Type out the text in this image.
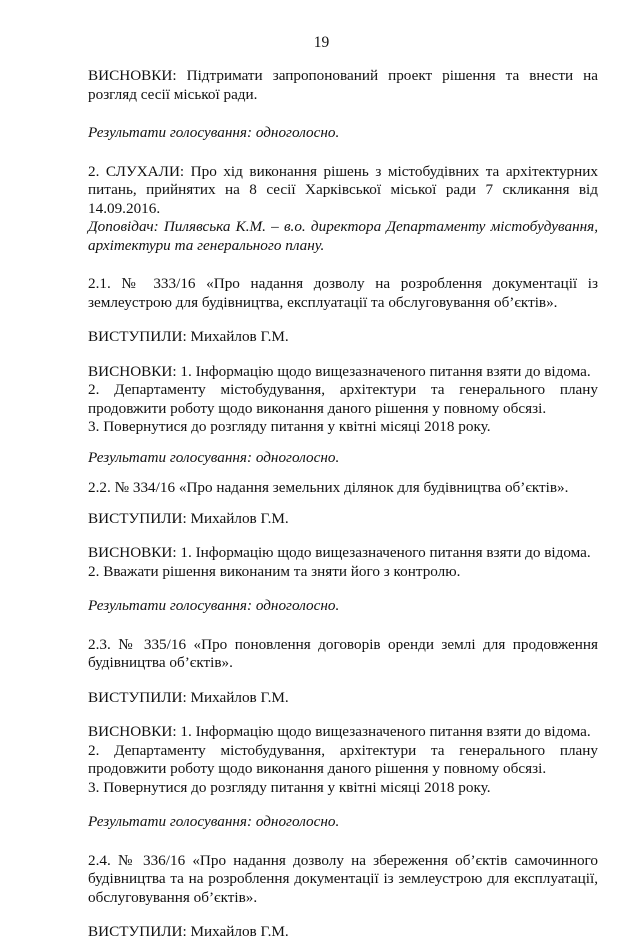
19

ВИСНОВКИ: Підтримати запропонований проект рішення та внести на розгляд сесії міської ради.

Результати голосування: одноголосно.

2. СЛУХАЛИ: Про хід виконання рішень з містобудівних та архітектурних питань, прийнятих на 8 сесії Харківської міської ради 7 скликання від 14.09.2016.

Доповідач: Пилявська К.М. – в.о. директора Департаменту містобудування, архітектури та генерального плану.

2.1. № 333/16 «Про надання дозволу на розроблення документації із землеустрою для будівництва, експлуатації та обслуговування об’єктів».

ВИСТУПИЛИ: Михайлов Г.М.

ВИСНОВКИ: 1. Інформацію щодо вищезазначеного питання взяти до відома.

2. Департаменту містобудування, архітектури та генерального плану продовжити роботу щодо виконання даного рішення у повному обсязі.

3. Повернутися до розгляду питання у квітні місяці 2018 року.

Результати голосування: одноголосно.

2.2. № 334/16 «Про надання земельних ділянок для будівництва об’єктів».

ВИСТУПИЛИ: Михайлов Г.М.

ВИСНОВКИ: 1. Інформацію щодо вищезазначеного питання взяти до відома.

2. Вважати рішення виконаним та зняти його з контролю.

Результати голосування: одноголосно.

2.3. № 335/16 «Про поновлення договорів оренди землі для продовження будівництва об’єктів».

ВИСТУПИЛИ: Михайлов Г.М.

ВИСНОВКИ: 1. Інформацію щодо вищезазначеного питання взяти до відома.

2. Департаменту містобудування, архітектури та генерального плану продовжити роботу щодо виконання даного рішення у повному обсязі.

3. Повернутися до розгляду питання у квітні місяці 2018 року.

Результати голосування: одноголосно.

2.4. № 336/16 «Про надання дозволу на збереження об’єктів самочинного будівництва та на розроблення документації із землеустрою для експлуатації, обслуговування об’єктів».

ВИСТУПИЛИ: Михайлов Г.М.
